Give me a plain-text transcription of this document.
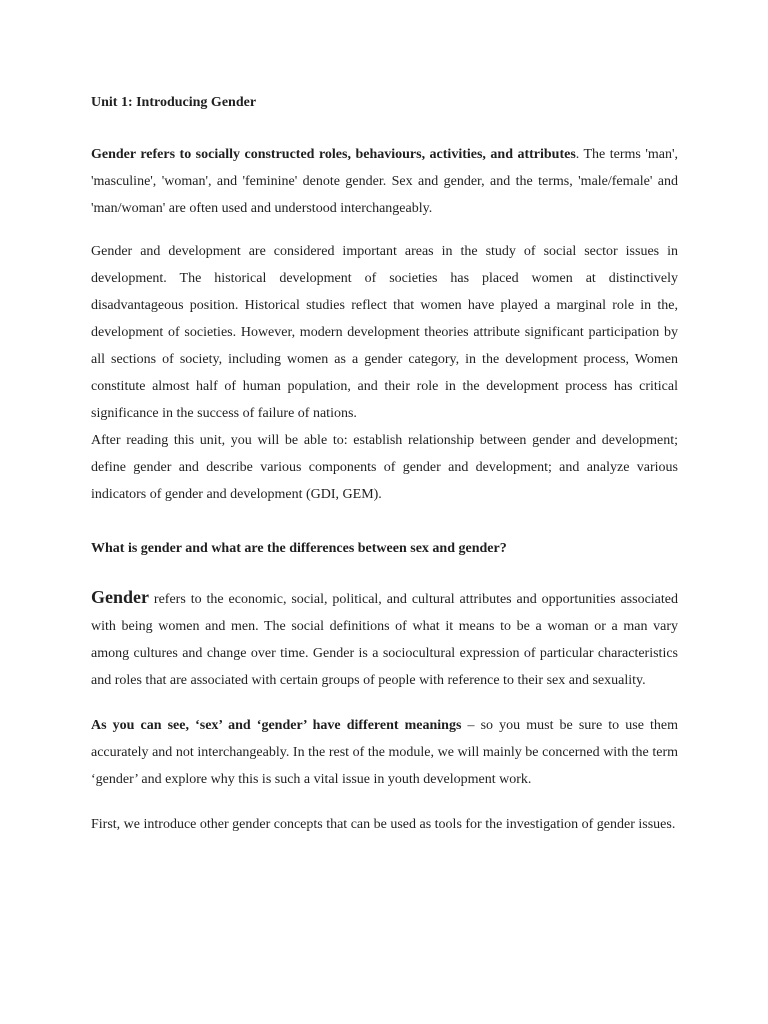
Unit 1: Introducing Gender

Gender refers to socially constructed roles, behaviours, activities, and attributes. The terms 'man', 'masculine', 'woman', and 'feminine' denote gender. Sex and gender, and the terms, 'male/female' and 'man/woman' are often used and understood interchangeably.

Gender and development are considered important areas in the study of social sector issues in development. The historical development of societies has placed women at distinctively disadvantageous position. Historical studies reflect that women have played a marginal role in the, development of societies. However, modern development theories attribute significant participation by all sections of society, including women as a gender category, in the development process, Women constitute almost half of human population, and their role in the development process has critical significance in the success of failure of nations.

After reading this unit, you will be able to: establish relationship between gender and development; define gender and describe various components of gender and development; and analyze various indicators of gender and development (GDI, GEM).

What is gender and what are the differences between sex and gender?

Gender refers to the economic, social, political, and cultural attributes and opportunities associated with being women and men. The social definitions of what it means to be a woman or a man vary among cultures and change over time. Gender is a sociocultural expression of particular characteristics and roles that are associated with certain groups of people with reference to their sex and sexuality.

As you can see, ‘sex’ and ‘gender’ have different meanings – so you must be sure to use them accurately and not interchangeably. In the rest of the module, we will mainly be concerned with the term ‘gender’ and explore why this is such a vital issue in youth development work.

First, we introduce other gender concepts that can be used as tools for the investigation of gender issues.
